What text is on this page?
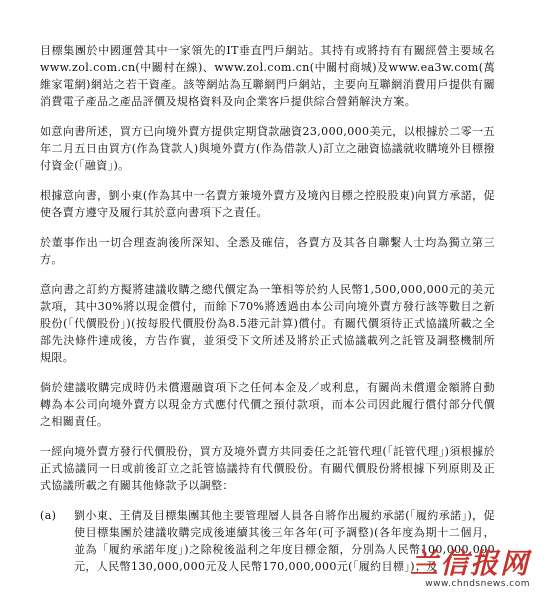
目標集團於中國運營其中一家領先的IT垂直門戶網站。其持有或將持有有關經營主要域名www.zol.com.cn(中關村在線)、www.zol.com.cn(中關村商城)及www.ea3w.com(萬維家電網)網站之若干資產。該等網站為互聯網門戶網站，主要向互聯網消費用戶提供有關消費電子產品之產品評價及規格資料及向企業客戶提供綜合營銷解決方案。

如意向書所述，買方已向境外賣方提供定期貸款融資23,000,000美元，以根據於二零一五年二月五日由買方(作為貸款人)與境外賣方(作為借款人)訂立之融資協議就收購境外目標撥付資金(「融資」)。

根據意向書，劉小東(作為其中一名賣方兼境外賣方及境內目標之控股股東)向買方承諾，促使各賣方遵守及履行其於意向書項下之責任。

於董事作出一切合理查詢後所深知、全悉及確信，各賣方及其各自聯繫人士均為獨立第三方。

意向書之訂約方擬將建議收購之總代價定為一筆相等於約人民幣1,500,000,000元的美元款項，其中30%將以現金償付，而餘下70%將透過由本公司向境外賣方發行該等數目之新股份(「代價股份」)(按每股代價股份為8.5港元計算)償付。有關代價須待正式協議所載之全部先決條件達成後，方告作實，並須受下文所述及將於正式協議載列之託管及調整機制所規限。

倘於建議收購完成時仍未償還融資項下之任何本金及／或利息，有關尚未償還金額將自動轉為本公司向境外賣方以現金方式應付代價之預付款項，而本公司因此履行償付部分代價之相關責任。

一經向境外賣方發行代價股份，買方及境外賣方共同委任之託管代理(「託管代理」)須根據於正式協議同一日或前後訂立之託管協議持有代價股份。有關代價股份將根據下列原則及正式協議所載之有關其他條款予以調整：

(a)	劉小東、王倩及目標集團其他主要管理層人員各自將作出履約承諾(「履約承諾」)，促使目標集團於建議收購完成後連續其後三年各年(可予調整)(各年度為期十二個月，並為「履約承諾年度」)之除稅後溢利之年度目標金額，分別為人民幣100,000,000元，人民幣130,000,000元及人民幣170,000,000元(「履約目標」)；及
兰信报网
www.chndsnews.com
